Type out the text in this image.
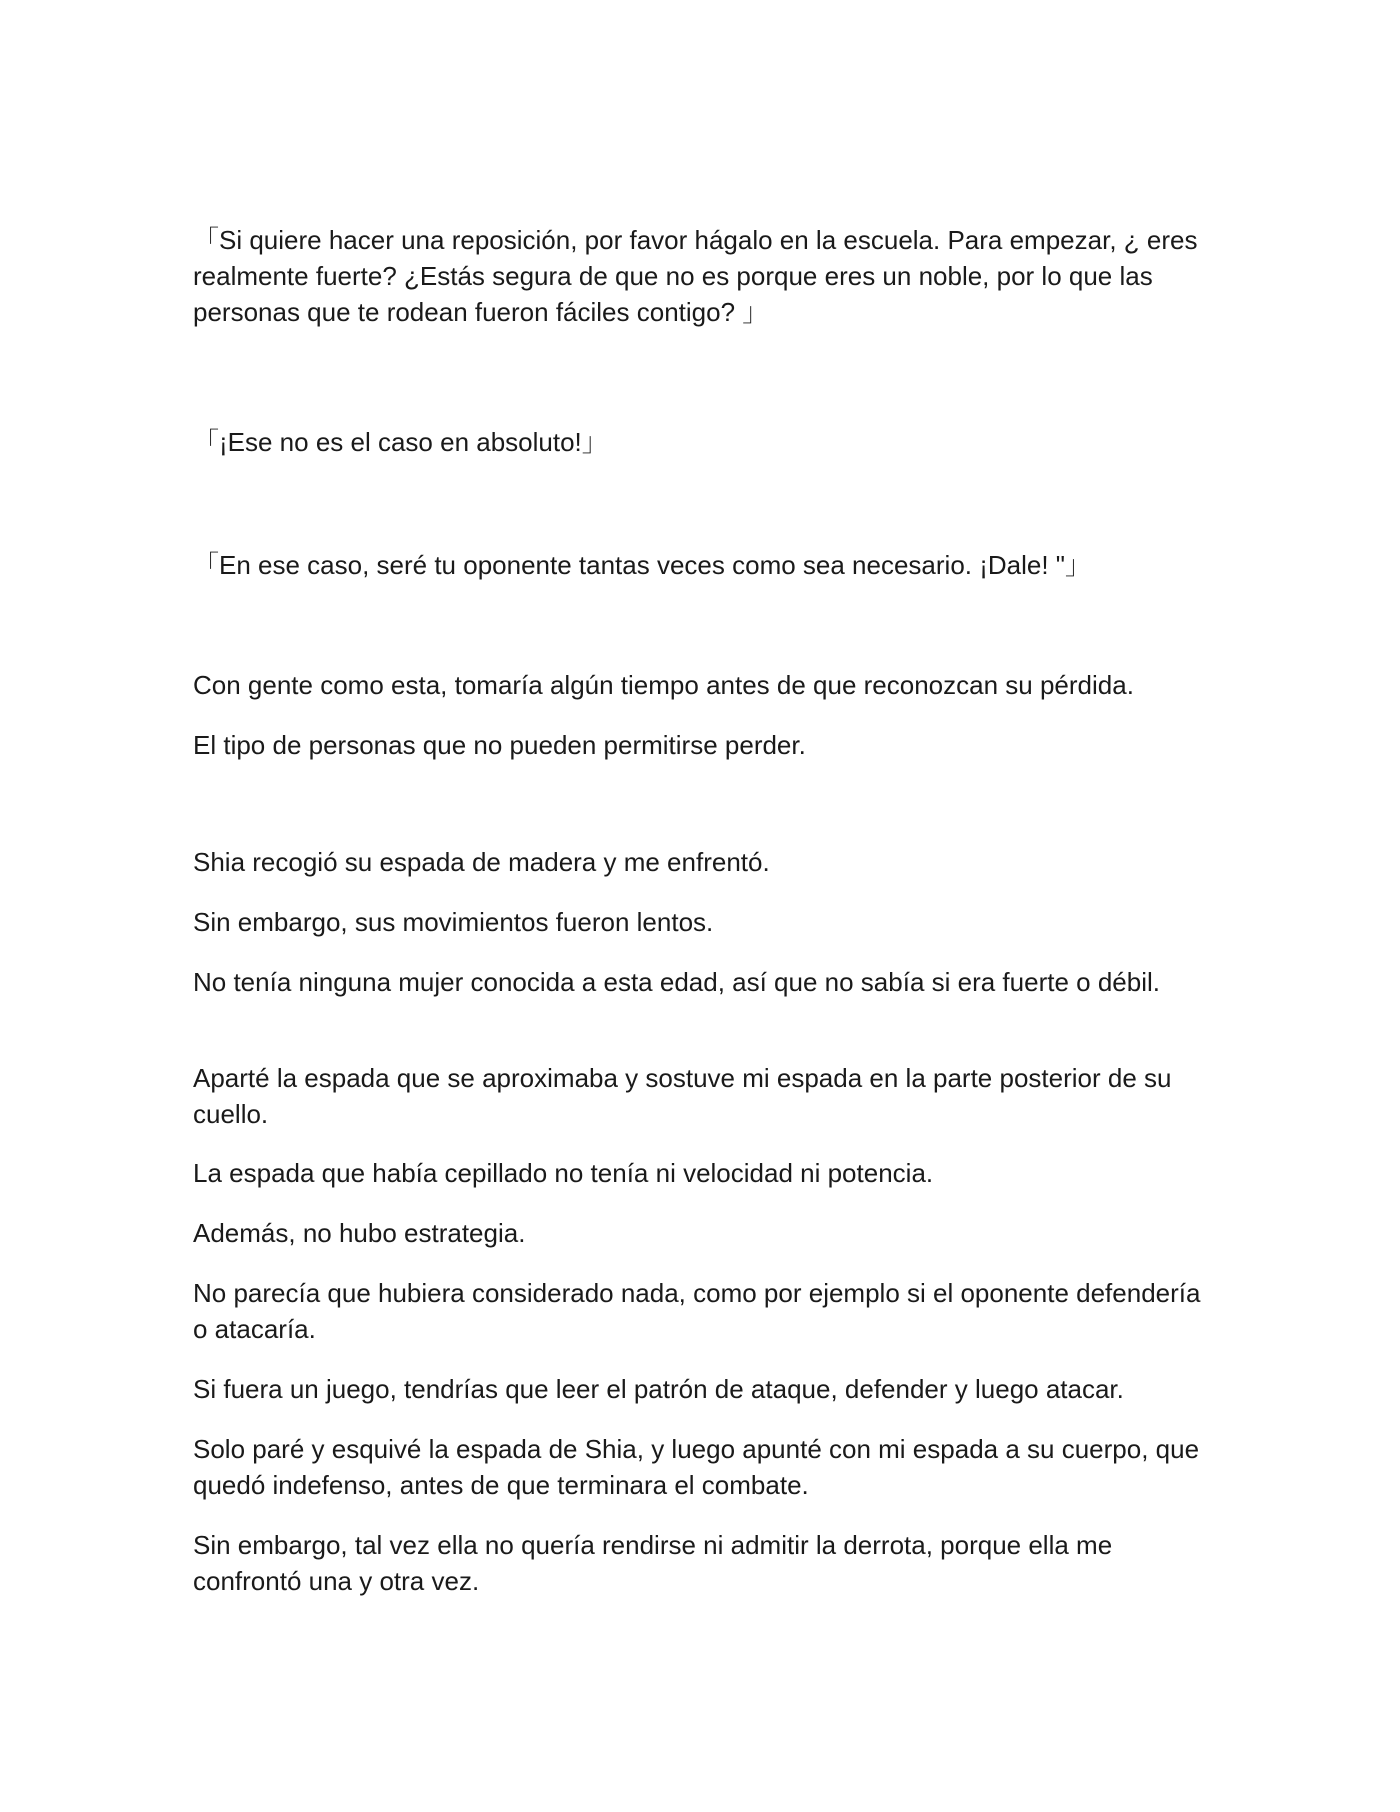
「Si quiere hacer una reposición, por favor hágalo en la escuela. Para empezar, ¿ eres realmente fuerte? ¿Estás segura de que no es porque eres un noble, por lo que las personas que te rodean fueron fáciles contigo? 」

「¡Ese no es el caso en absoluto!」

「En ese caso, seré tu oponente tantas veces como sea necesario. ¡Dale! "」

Con gente como esta, tomaría algún tiempo antes de que reconozcan su pérdida.

El tipo de personas que no pueden permitirse perder.

Shia recogió su espada de madera y me enfrentó.

Sin embargo, sus movimientos fueron lentos.

No tenía ninguna mujer conocida a esta edad, así que no sabía si era fuerte o débil.

Aparté la espada que se aproximaba y sostuve mi espada en la parte posterior de su cuello.

La espada que había cepillado no tenía ni velocidad ni potencia.

Además, no hubo estrategia.

No parecía que hubiera considerado nada, como por ejemplo si el oponente defendería o atacaría.

Si fuera un juego, tendrías que leer el patrón de ataque, defender y luego atacar.

Solo paré y esquivé la espada de Shia, y luego apunté con mi espada a su cuerpo, que quedó indefenso, antes de que terminara el combate.

Sin embargo, tal vez ella no quería rendirse ni admitir la derrota, porque ella me confrontó una y otra vez.
